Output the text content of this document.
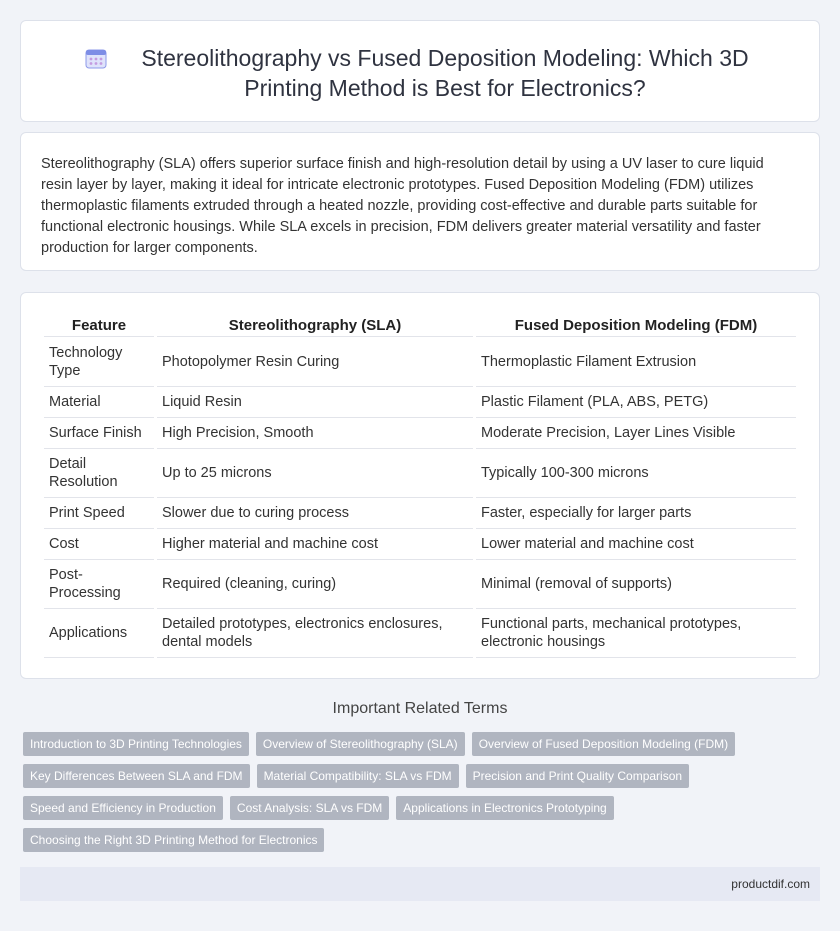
Stereolithography vs Fused Deposition Modeling: Which 3D Printing Method is Best for Electronics?

Stereolithography (SLA) offers superior surface finish and high-resolution detail by using a UV laser to cure liquid resin layer by layer, making it ideal for intricate electronic prototypes. Fused Deposition Modeling (FDM) utilizes thermoplastic filaments extruded through a heated nozzle, providing cost-effective and durable parts suitable for functional electronic housings. While SLA excels in precision, FDM delivers greater material versatility and faster production for larger components.

Feature	Stereolithography (SLA)	Fused Deposition Modeling (FDM)
Technology Type	Photopolymer Resin Curing	Thermoplastic Filament Extrusion
Material	Liquid Resin	Plastic Filament (PLA, ABS, PETG)
Surface Finish	High Precision, Smooth	Moderate Precision, Layer Lines Visible
Detail Resolution	Up to 25 microns	Typically 100-300 microns
Print Speed	Slower due to curing process	Faster, especially for larger parts
Cost	Higher material and machine cost	Lower material and machine cost
Post-Processing	Required (cleaning, curing)	Minimal (removal of supports)
Applications	Detailed prototypes, electronics enclosures, dental models	Functional parts, mechanical prototypes, electronic housings
Important Related Terms
Introduction to 3D Printing Technologies	Overview of Stereolithography (SLA)	Overview of Fused Deposition Modeling (FDM)
Key Differences Between SLA and FDM	Material Compatibility: SLA vs FDM	Precision and Print Quality Comparison
Speed and Efficiency in Production	Cost Analysis: SLA vs FDM	Applications in Electronics Prototyping
Choosing the Right 3D Printing Method for Electronics
productdif.com
